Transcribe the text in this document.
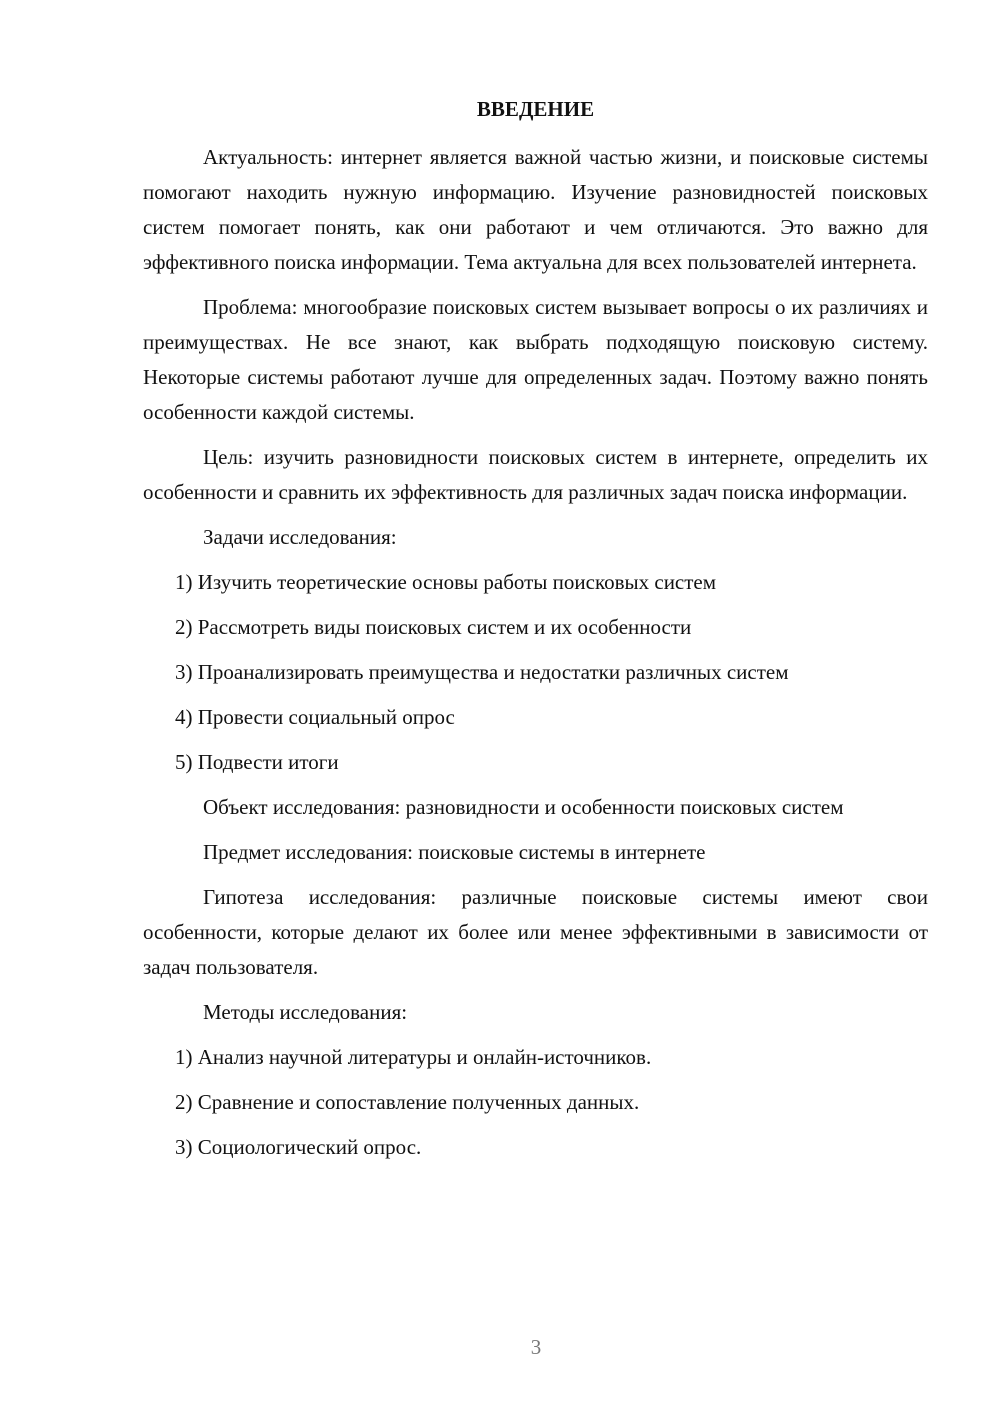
ВВЕДЕНИЕ
Актуальность: интернет является важной частью жизни, и поисковые системы помогают находить нужную информацию. Изучение разновидностей поисковых систем помогает понять, как они работают и чем отличаются. Это важно для эффективного поиска информации. Тема актуальна для всех пользователей интернета.
Проблема: многообразие поисковых систем вызывает вопросы о их различиях и преимуществах. Не все знают, как выбрать подходящую поисковую систему. Некоторые системы работают лучше для определенных задач. Поэтому важно понять особенности каждой системы.
Цель: изучить разновидности поисковых систем в интернете, определить их особенности и сравнить их эффективность для различных задач поиска информации.
Задачи исследования:
1) Изучить теоретические основы работы поисковых систем
2) Рассмотреть виды поисковых систем и их особенности
3) Проанализировать преимущества и недостатки различных систем
4) Провести социальный опрос
5) Подвести итоги
Объект исследования: разновидности и особенности поисковых систем
Предмет исследования: поисковые системы в интернете
Гипотеза исследования: различные поисковые системы имеют свои особенности, которые делают их более или менее эффективными в зависимости от задач пользователя.
Методы исследования:
1) Анализ научной литературы и онлайн-источников.
2) Сравнение и сопоставление полученных данных.
3) Социологический опрос.
3
